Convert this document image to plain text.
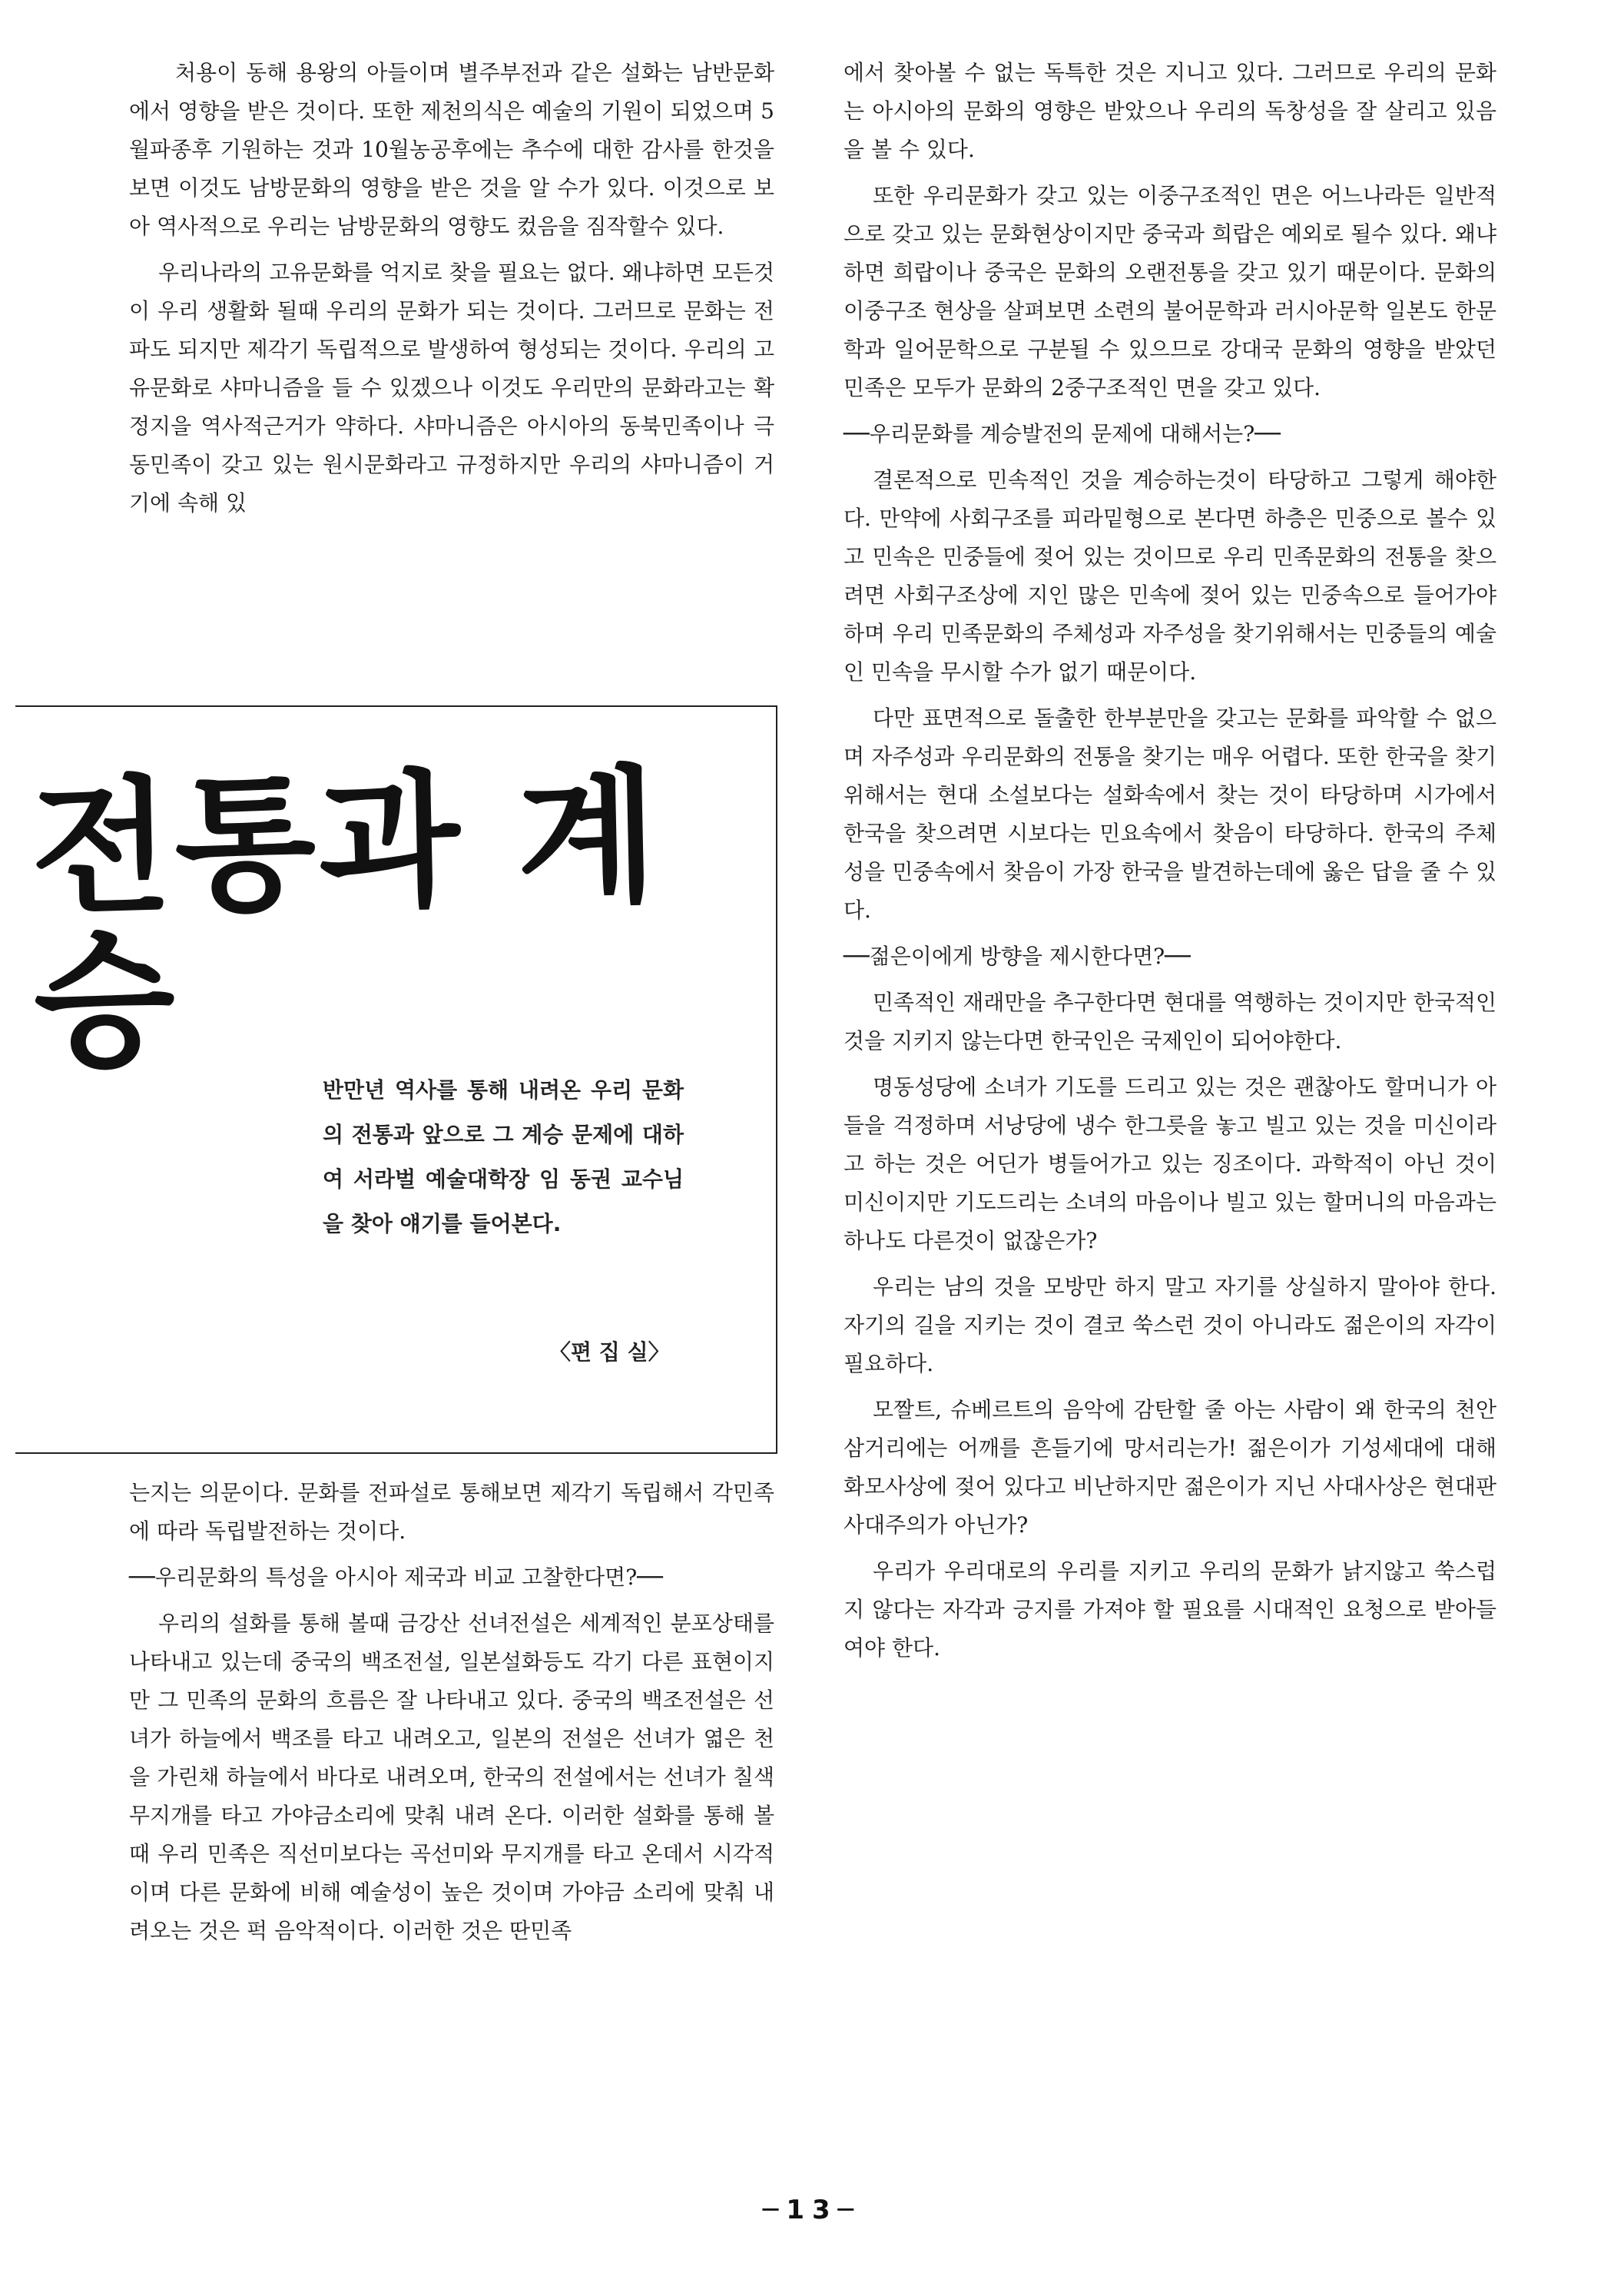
처용이 동해 용왕의 아들이며 별주부전과 같은 설화는 남반문화에서 영향을 받은 것이다. 또한 제천의식은 예술의 기원이 되었으며 5월파종후 기원하는 것과 10월농공후에는 추수에 대한 감사를 한것을 보면 이것도 남방문화의 영향을 받은 것을 알 수가 있다. 이것으로 보아 역사적으로 우리는 남방문화의 영향도 컸음을 짐작할수 있다.

우리나라의 고유문화를 억지로 찾을 필요는 없다. 왜냐하면 모든것이 우리 생활화 될때 우리의 문화가 되는 것이다. 그러므로 문화는 전파도 되지만 제각기 독립적으로 발생하여 형성되는 것이다. 우리의 고유문화로 샤마니즘을 들 수 있겠으나 이것도 우리만의 문화라고는 확정지을 역사적근거가 약하다. 샤마니즘은 아시아의 동북민족이나 극동민족이 갖고 있는 원시문화라고 규정하지만 우리의 샤마니즘이 거기에 속해 있

전통과 계승

반만년 역사를 통해 내려온 우리 문화의 전통과 앞으로 그 계승 문제에 대하여 서라벌 예술대학장 임 동권 교수님을 찾아 얘기를 들어본다.

〈편 집 실〉

는지는 의문이다. 문화를 전파설로 통해보면 제각기 독립해서 각민족에 따라 독립발전하는 것이다.

──우리문화의 특성을 아시아 제국과 비교 고찰한다면?──

우리의 설화를 통해 볼때 금강산 선녀전설은 세계적인 분포상태를 나타내고 있는데 중국의 백조전설, 일본설화등도 각기 다른 표현이지만 그 민족의 문화의 흐름은 잘 나타내고 있다. 중국의 백조전설은 선녀가 하늘에서 백조를 타고 내려오고, 일본의 전설은 선녀가 엷은 천을 가린채 하늘에서 바다로 내려오며, 한국의 전설에서는 선녀가 칠색무지개를 타고 가야금소리에 맞춰 내려 온다. 이러한 설화를 통해 볼때 우리 민족은 직선미보다는 곡선미와 무지개를 타고 온데서 시각적이며 다른 문화에 비해 예술성이 높은 것이며 가야금 소리에 맞춰 내려오는 것은 퍽 음악적이다. 이러한 것은 딴민족

에서 찾아볼 수 없는 독특한 것은 지니고 있다. 그러므로 우리의 문화는 아시아의 문화의 영향은 받았으나 우리의 독창성을 잘 살리고 있음을 볼 수 있다.

또한 우리문화가 갖고 있는 이중구조적인 면은 어느나라든 일반적으로 갖고 있는 문화현상이지만 중국과 희랍은 예외로 될수 있다. 왜냐하면 희랍이나 중국은 문화의 오랜전통을 갖고 있기 때문이다. 문화의 이중구조 현상을 살펴보면 소련의 불어문학과 러시아문학 일본도 한문학과 일어문학으로 구분될 수 있으므로 강대국 문화의 영향을 받았던 민족은 모두가 문화의 2중구조적인 면을 갖고 있다.

──우리문화를 계승발전의 문제에 대해서는?──

결론적으로 민속적인 것을 계승하는것이 타당하고 그렇게 해야한다. 만약에 사회구조를 피라밑형으로 본다면 하층은 민중으로 볼수 있고 민속은 민중들에 젖어 있는 것이므로 우리 민족문화의 전통을 찾으려면 사회구조상에 지인 많은 민속에 젖어 있는 민중속으로 들어가야하며 우리 민족문화의 주체성과 자주성을 찾기위해서는 민중들의 예술인 민속을 무시할 수가 없기 때문이다.

다만 표면적으로 돌출한 한부분만을 갖고는 문화를 파악할 수 없으며 자주성과 우리문화의 전통을 찾기는 매우 어렵다. 또한 한국을 찾기 위해서는 현대 소설보다는 설화속에서 찾는 것이 타당하며 시가에서 한국을 찾으려면 시보다는 민요속에서 찾음이 타당하다. 한국의 주체성을 민중속에서 찾음이 가장 한국을 발견하는데에 옳은 답을 줄 수 있다.

──젊은이에게 방향을 제시한다면?──

민족적인 재래만을 추구한다면 현대를 역행하는 것이지만 한국적인 것을 지키지 않는다면 한국인은 국제인이 되어야한다.

명동성당에 소녀가 기도를 드리고 있는 것은 괜찮아도 할머니가 아들을 걱정하며 서낭당에 냉수 한그릇을 놓고 빌고 있는 것을 미신이라고 하는 것은 어딘가 병들어가고 있는 징조이다. 과학적이 아닌 것이 미신이지만 기도드리는 소녀의 마음이나 빌고 있는 할머니의 마음과는 하나도 다른것이 없잖은가?

우리는 남의 것을 모방만 하지 말고 자기를 상실하지 말아야 한다. 자기의 길을 지키는 것이 결코 쑥스런 것이 아니라도 젊은이의 자각이 필요하다.

모짤트, 슈베르트의 음악에 감탄할 줄 아는 사람이 왜 한국의 천안삼거리에는 어깨를 흔들기에 망서리는가! 젊은이가 기성세대에 대해 화모사상에 젖어 있다고 비난하지만 젊은이가 지닌 사대사상은 현대판 사대주의가 아닌가?

우리가 우리대로의 우리를 지키고 우리의 문화가 낡지않고 쑥스럽지 않다는 자각과 긍지를 가져야 할 필요를 시대적인 요청으로 받아들여야 한다.

─13─
